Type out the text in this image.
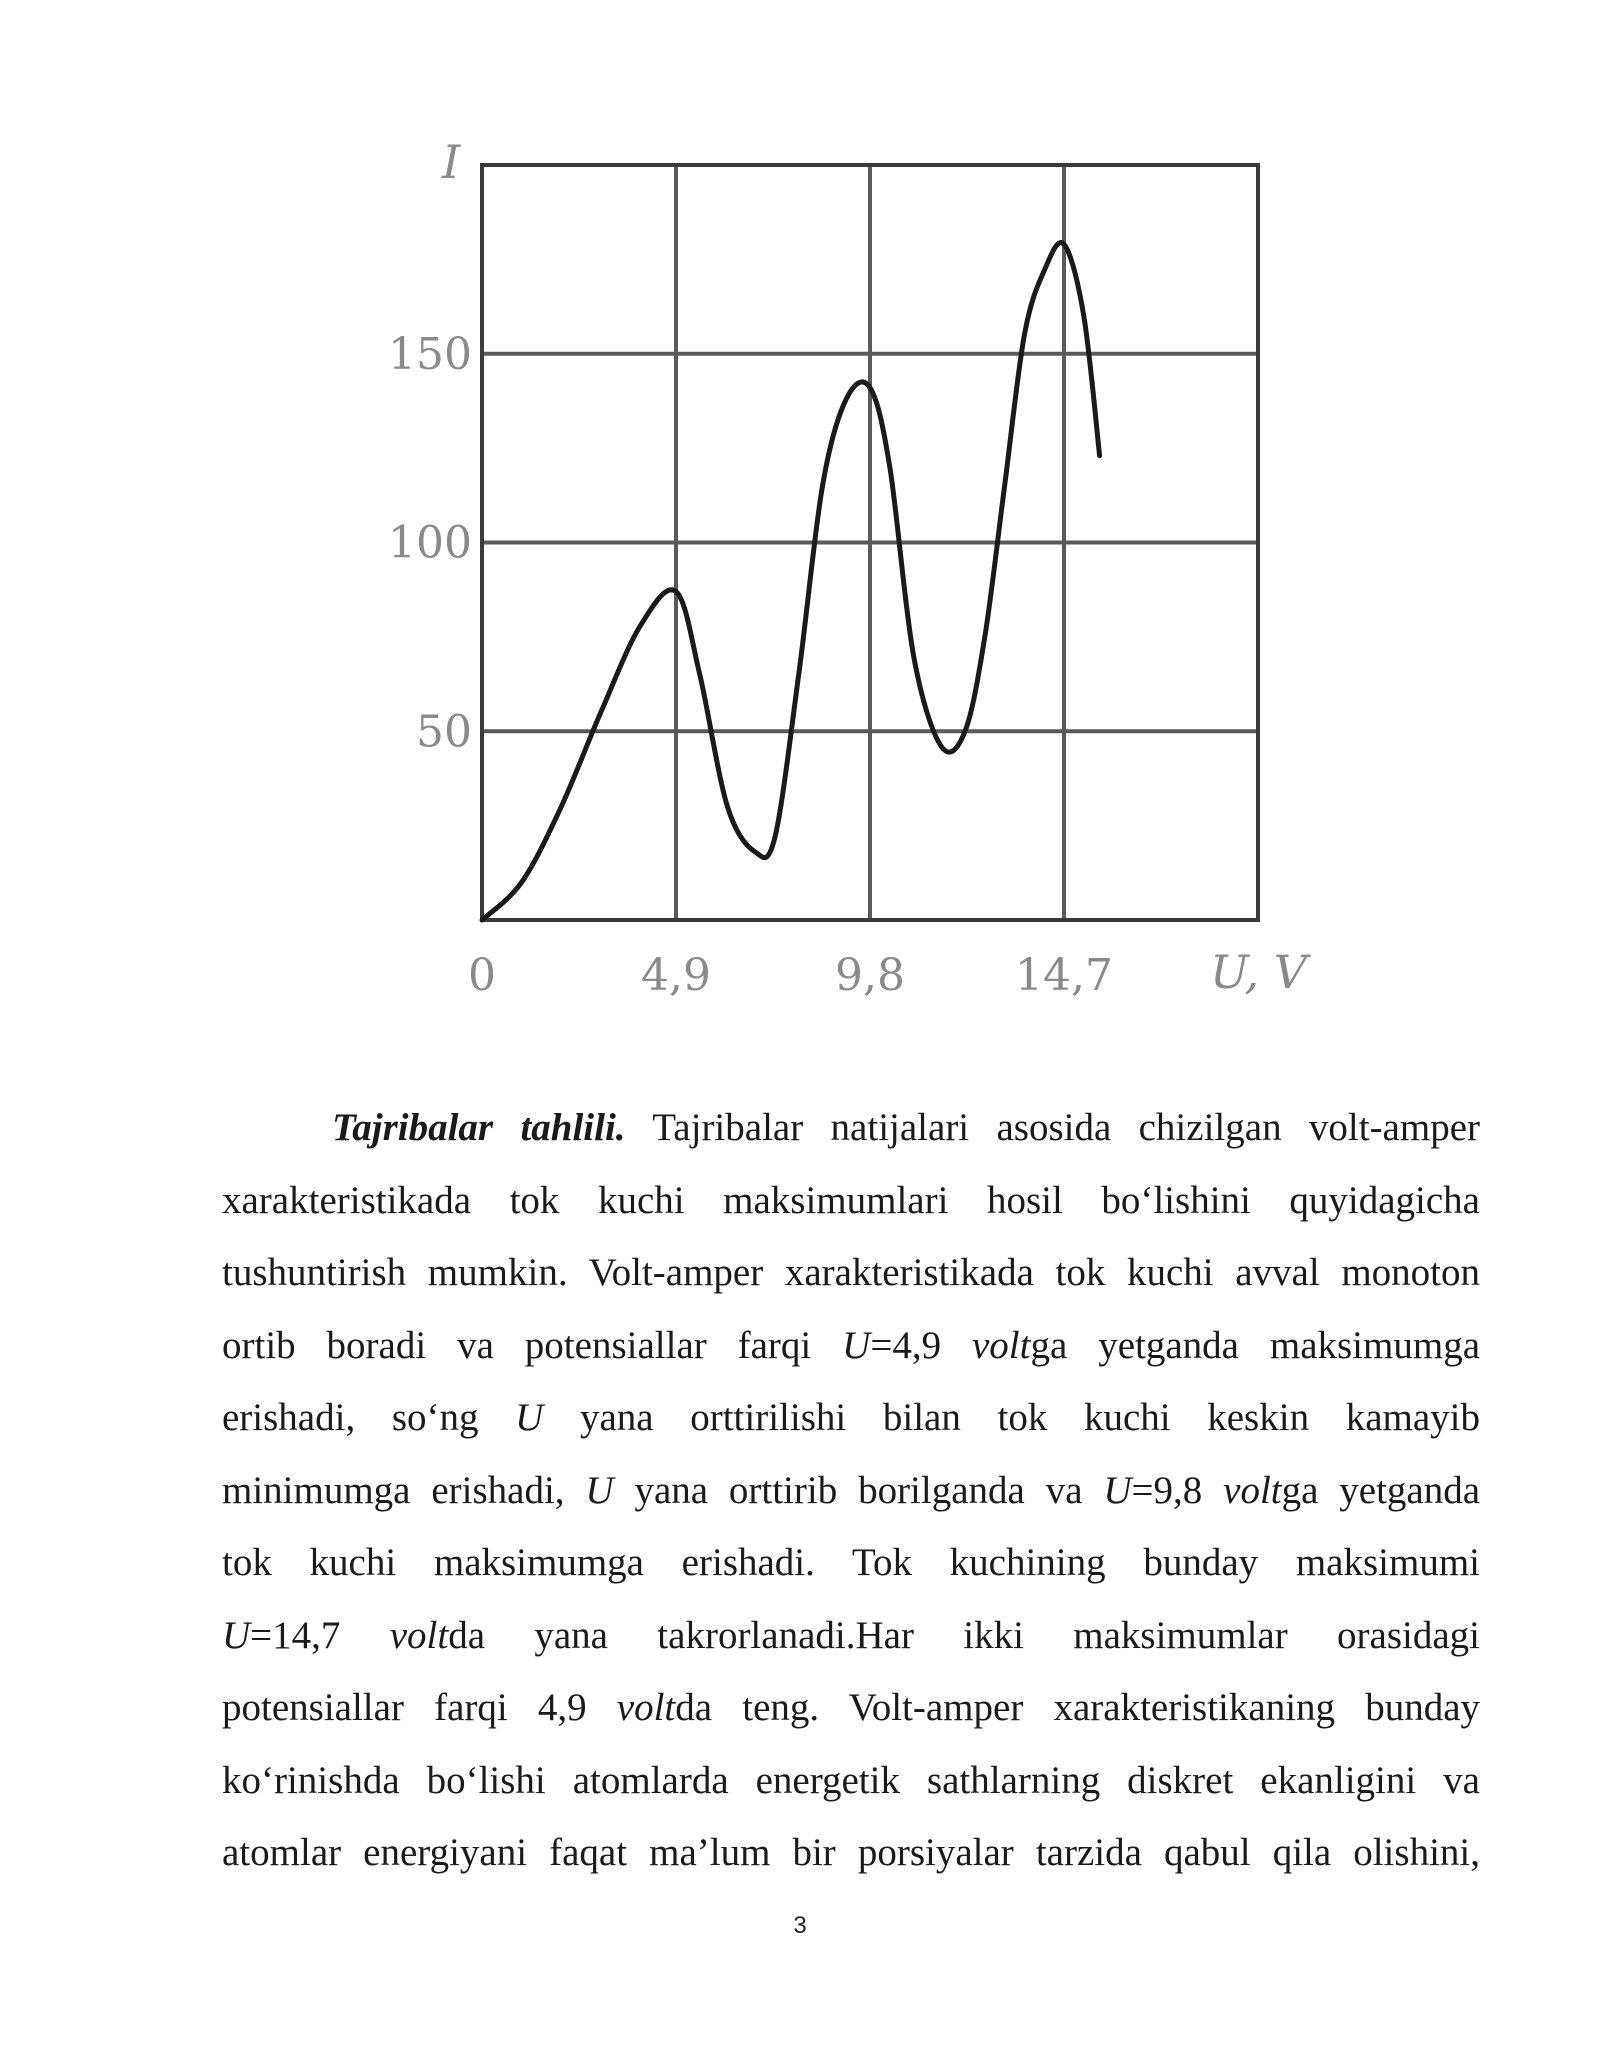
0	4,9	9,8	14,7
50
100
150
I
U, V
Tajribalar tahlili. Tajribalar natijalari asosida chizilgan volt-amper
xarakteristikada tok kuchi maksimumlari hosil bo‘lishini quyidagicha
tushuntirish mumkin. Volt-amper xarakteristikada tok kuchi avval monoton
ortib boradi va potensiallar farqi U=4,9 voltga yetganda maksimumga
erishadi, so‘ng U yana orttirilishi bilan tok kuchi keskin kamayib
minimumga erishadi, U yana orttirib borilganda va U=9,8 voltga yetganda
tok kuchi maksimumga erishadi. Tok kuchining bunday maksimumi
U=14,7 voltda yana takrorlanadi.Har ikki maksimumlar orasidagi
potensiallar farqi 4,9 voltda teng. Volt-amper xarakteristikaning bunday
ko‘rinishda bo‘lishi atomlarda energetik sathlarning diskret ekanligini va
atomlar energiyani faqat ma’lum bir porsiyalar tarzida qabul qila olishini,
3
